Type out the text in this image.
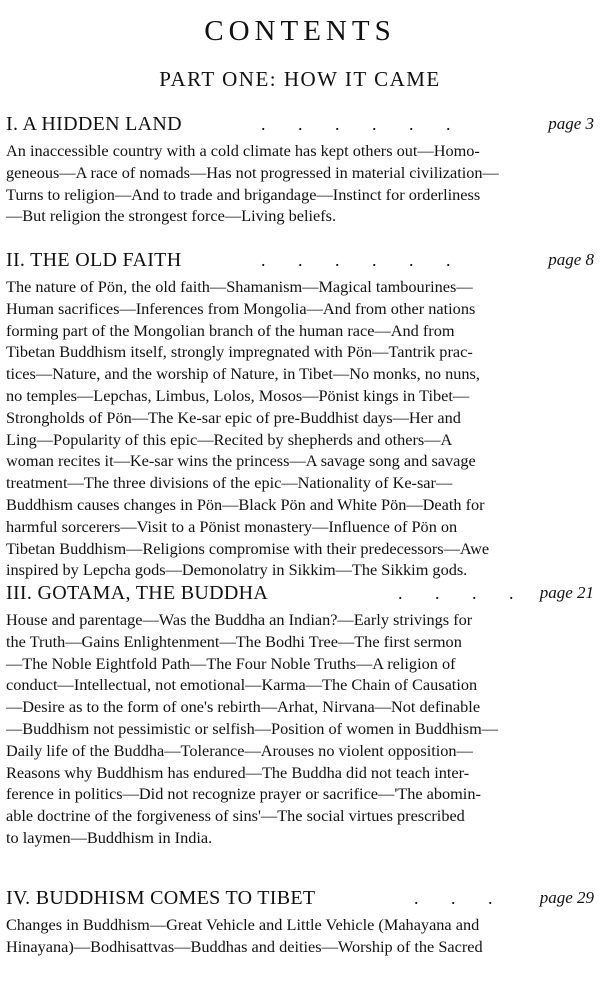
CONTENTS
PART ONE: HOW IT CAME
I. A HIDDEN LAND	. . . . . .	page 3
An inaccessible country with a cold climate has kept others out—Homo-
geneous—A race of nomads—Has not progressed in material civilization—
Turns to religion—And to trade and brigandage—Instinct for orderliness
—But religion the strongest force—Living beliefs.
II. THE OLD FAITH	. . . . . .	page 8
The nature of Pön, the old faith—Shamanism—Magical tambourines—
Human sacrifices—Inferences from Mongolia—And from other nations
forming part of the Mongolian branch of the human race—And from
Tibetan Buddhism itself, strongly impregnated with Pön—Tantrik prac-
tices—Nature, and the worship of Nature, in Tibet—No monks, no nuns,
no temples—Lepchas, Limbus, Lolos, Mosos—Pönist kings in Tibet—
Strongholds of Pön—The Ke-sar epic of pre-Buddhist days—Her and
Ling—Popularity of this epic—Recited by shepherds and others—A
woman recites it—Ke-sar wins the princess—A savage song and savage
treatment—The three divisions of the epic—Nationality of Ke-sar—
Buddhism causes changes in Pön—Black Pön and White Pön—Death for
harmful sorcerers—Visit to a Pönist monastery—Influence of Pön on
Tibetan Buddhism—Religions compromise with their predecessors—Awe
inspired by Lepcha gods—Demonolatry in Sikkim—The Sikkim gods.
III. GOTAMA, THE BUDDHA	. . . . page 21
House and parentage—Was the Buddha an Indian?—Early strivings for
the Truth—Gains Enlightenment—The Bodhi Tree—The first sermon
—The Noble Eightfold Path—The Four Noble Truths—A religion of
conduct—Intellectual, not emotional—Karma—The Chain of Causation
—Desire as to the form of one's rebirth—Arhat, Nirvana—Not definable
—Buddhism not pessimistic or selfish—Position of women in Buddhism—
Daily life of the Buddha—Tolerance—Arouses no violent opposition—
Reasons why Buddhism has endured—The Buddha did not teach inter-
ference in politics—Did not recognize prayer or sacrifice—'The abomin-
able doctrine of the forgiveness of sins'—The social virtues prescribed
to laymen—Buddhism in India.
IV. BUDDHISM COMES TO TIBET	. . . page 29
Changes in Buddhism—Great Vehicle and Little Vehicle (Mahayana and
Hinayana)—Bodhisattvas—Buddhas and deities—Worship of the Sacred
